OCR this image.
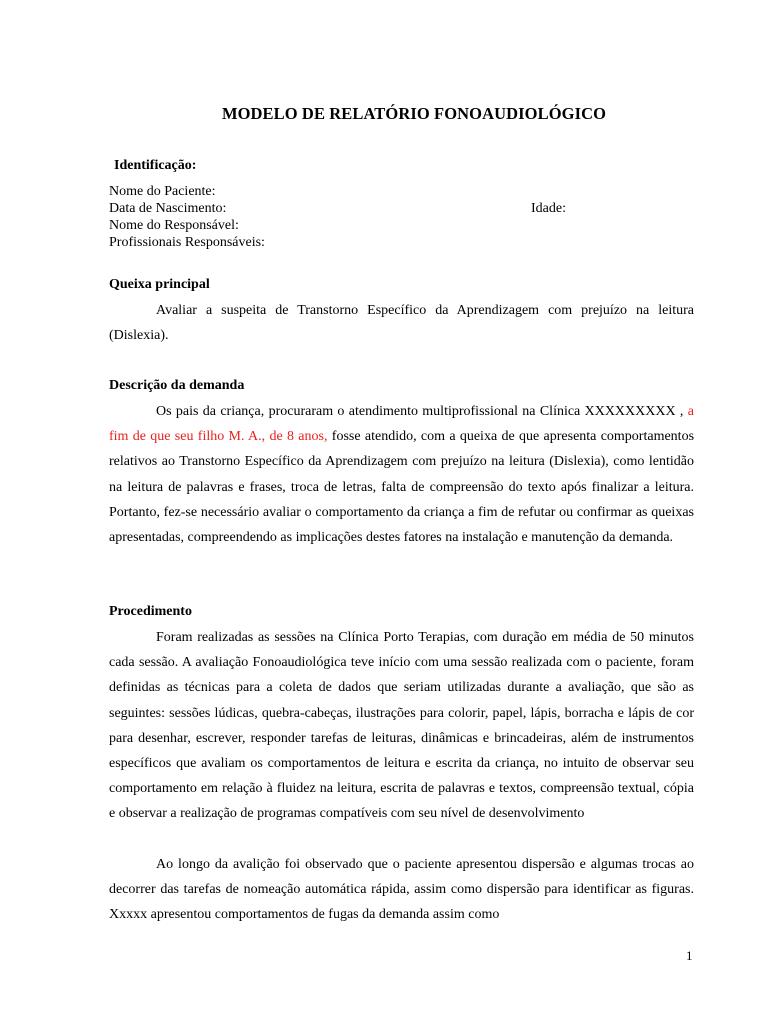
MODELO DE RELATÓRIO FONOAUDIOLÓGICO
Identificação:
Nome do Paciente:
Data de Nascimento:	Idade:
Nome do Responsável:
Profissionais Responsáveis:
Queixa principal

Avaliar a suspeita de Transtorno Específico da Aprendizagem com prejuízo na leitura (Dislexia).

Descrição da demanda

Os pais da criança, procuraram o atendimento multiprofissional na Clínica XXXXXXXXX , a fim de que seu filho M. A., de 8 anos, fosse atendido, com a queixa de que apresenta comportamentos relativos ao Transtorno Específico da Aprendizagem com prejuízo na leitura (Dislexia), como lentidão na leitura de palavras e frases, troca de letras, falta de compreensão do texto após finalizar a leitura. Portanto, fez-se necessário avaliar o comportamento da criança a fim de refutar ou confirmar as queixas apresentadas, compreendendo as implicações destes fatores na instalação e manutenção da demanda.

Procedimento

Foram realizadas as sessões na Clínica Porto Terapias, com duração em média de 50 minutos cada sessão. A avaliação Fonoaudiológica teve início com uma sessão realizada com o paciente, foram definidas as técnicas para a coleta de dados que seriam utilizadas durante a avaliação, que são as seguintes: sessões lúdicas, quebra-cabeças, ilustrações para colorir, papel, lápis, borracha e lápis de cor para desenhar, escrever, responder tarefas de leituras, dinâmicas e brincadeiras, além de instrumentos específicos que avaliam os comportamentos de leitura e escrita da criança, no intuito de observar seu comportamento em relação à fluidez na leitura, escrita de palavras e textos, compreensão textual, cópia e observar a realização de programas compatíveis com seu nível de desenvolvimento

Ao longo da avalição foi observado que o paciente apresentou dispersão e algumas trocas ao decorrer das tarefas de nomeação automática rápida, assim como dispersão para identificar as figuras. Xxxxx apresentou comportamentos de fugas da demanda assim como

1
